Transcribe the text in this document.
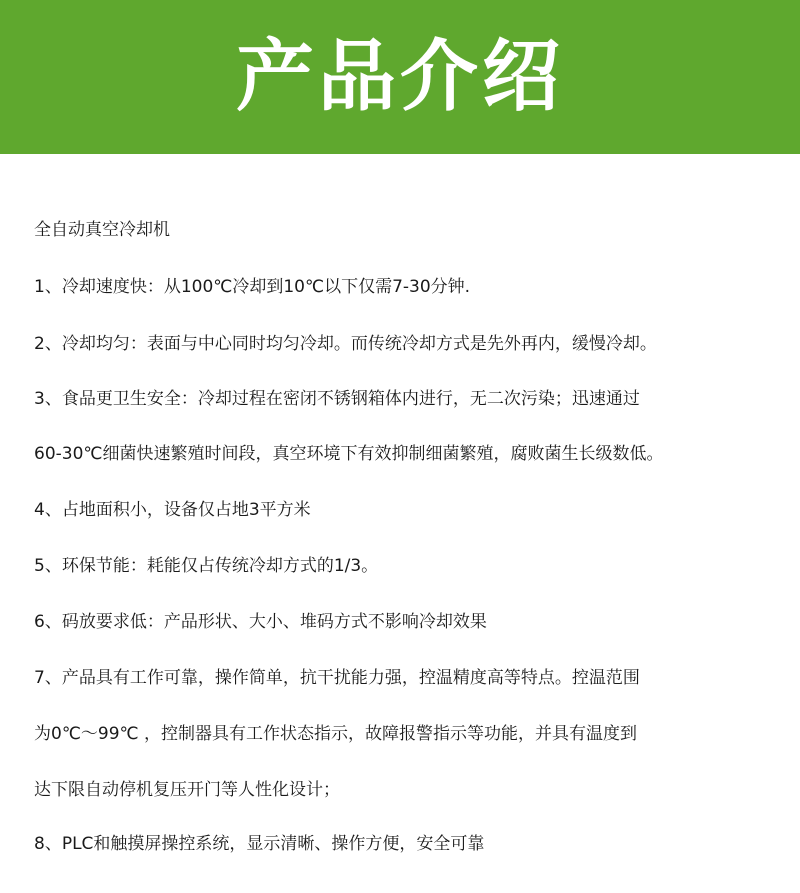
产品介绍
全自动真空冷却机
1、冷却速度快：从100℃冷却到10℃以下仅需7-30分钟.
2、冷却均匀：表面与中心同时均匀冷却。而传统冷却方式是先外再内，缓慢冷却。
3、食品更卫生安全：冷却过程在密闭不锈钢箱体内进行，无二次污染；迅速通过
60-30℃细菌快速繁殖时间段，真空环境下有效抑制细菌繁殖，腐败菌生长级数低。
4、占地面积小，设备仅占地3平方米
5、环保节能：耗能仅占传统冷却方式的1/3。
6、码放要求低：产品形状、大小、堆码方式不影响冷却效果
7、产品具有工作可靠，操作简单，抗干扰能力强，控温精度高等特点。控温范围
为0℃～99℃ ，控制器具有工作状态指示，故障报警指示等功能，并具有温度到
达下限自动停机复压开门等人性化设计；
8、PLC和触摸屏操控系统，显示清晰、操作方便，安全可靠
